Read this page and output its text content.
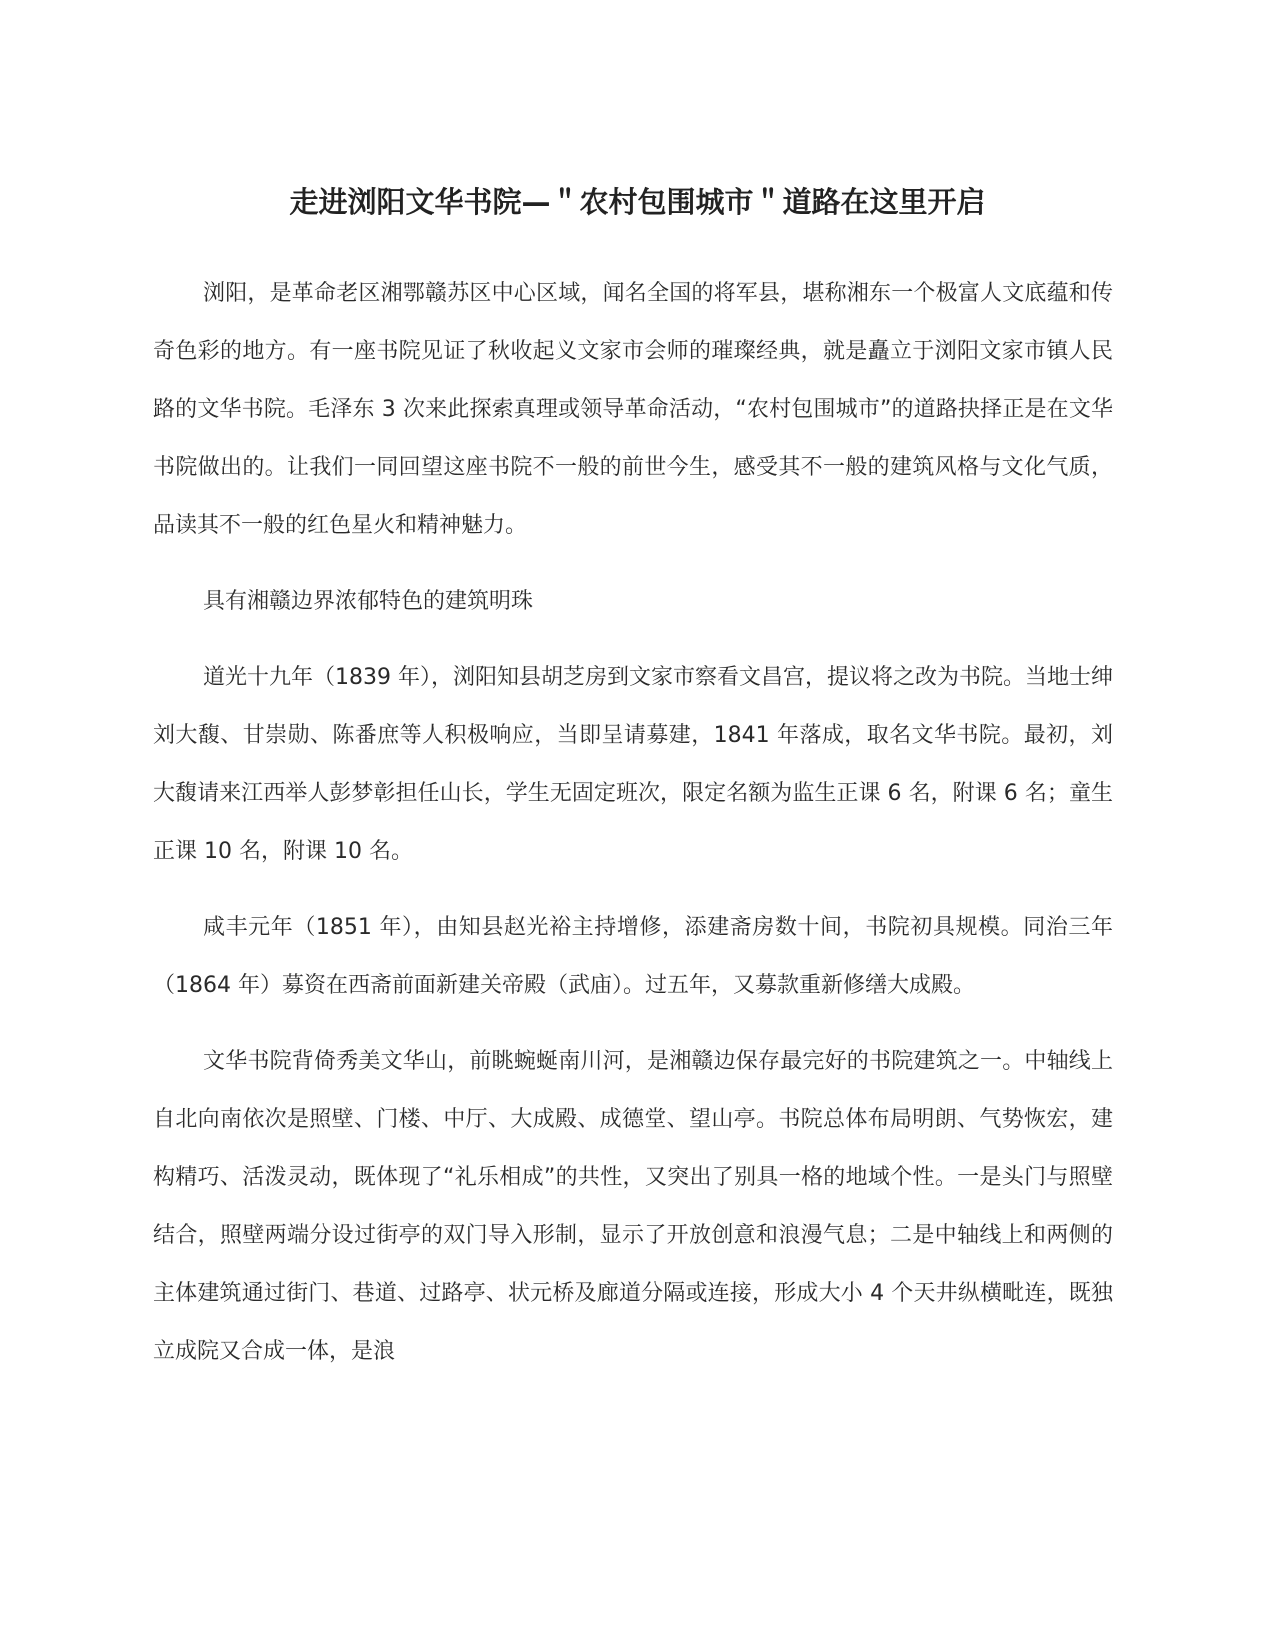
走进浏阳文华书院—＂农村包围城市＂道路在这里开启

浏阳，是革命老区湘鄂赣苏区中心区域，闻名全国的将军县，堪称湘东一个极富人文底蕴和传奇色彩的地方。有一座书院见证了秋收起义文家市会师的璀璨经典，就是矗立于浏阳文家市镇人民路的文华书院。毛泽东 3 次来此探索真理或领导革命活动，“农村包围城市”的道路抉择正是在文华书院做出的。让我们一同回望这座书院不一般的前世今生，感受其不一般的建筑风格与文化气质，品读其不一般的红色星火和精神魅力。

具有湘赣边界浓郁特色的建筑明珠

道光十九年（1839 年），浏阳知县胡芝房到文家市察看文昌宫，提议将之改为书院。当地士绅刘大馥、甘崇勋、陈番庶等人积极响应，当即呈请募建，1841 年落成，取名文华书院。最初，刘大馥请来江西举人彭梦彰担任山长，学生无固定班次，限定名额为监生正课 6 名，附课 6 名；童生正课 10 名，附课 10 名。

咸丰元年（1851 年），由知县赵光裕主持增修，添建斋房数十间，书院初具规模。同治三年（1864 年）募资在西斋前面新建关帝殿（武庙）。过五年，又募款重新修缮大成殿。

文华书院背倚秀美文华山，前眺蜿蜒南川河，是湘赣边保存最完好的书院建筑之一。中轴线上自北向南依次是照壁、门楼、中厅、大成殿、成德堂、望山亭。书院总体布局明朗、气势恢宏，建构精巧、活泼灵动，既体现了“礼乐相成”的共性，又突出了别具一格的地域个性。一是头门与照壁结合，照壁两端分设过街亭的双门导入形制，显示了开放创意和浪漫气息；二是中轴线上和两侧的主体建筑通过街门、巷道、过路亭、状元桥及廊道分隔或连接，形成大小 4 个天井纵横毗连，既独立成院又合成一体，是浪
